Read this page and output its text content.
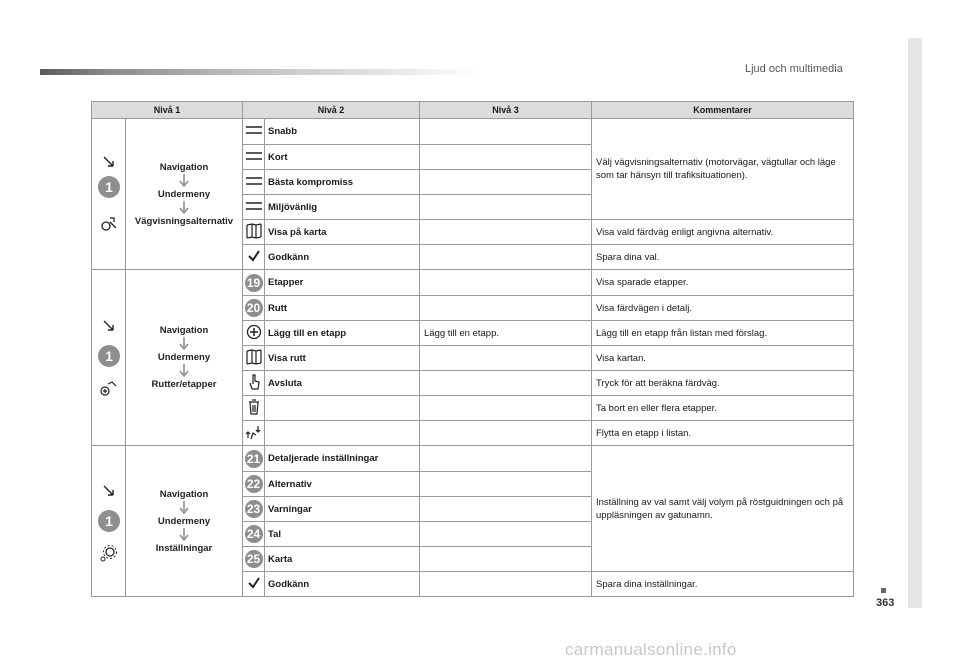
Ljud och multimedia
363
carmanualsonline.info
Nivå 1		Nivå 2		Nivå 3	Kommentarer

1	Navigation
Undermeny
Vägvisningsalternativ		Snabb		Välj vägvisningsalternativ (motorvägar, vägtullar och läge som tar hänsyn till trafiksituationen).
	Kort		
	Bästa kompromiss		
	Miljövänlig		
	Visa på karta		Visa vald färdväg enligt angivna alternativ.
	Godkänn		Spara dina val.

1	Navigation
Undermeny
Rutter/etapper	19	Etapper		Visa sparade etapper.
		20	Rutt		Visa färdvägen i detalj.
	Lägg till en etapp	Lägg till en etapp.	Lägg till en etapp från listan med förslag.
	Visa rutt		Visa kartan.
	Avsluta		Tryck för att beräkna färdväg.
			Ta bort en eller flera etapper.
			Flytta en etapp i listan.

1	Navigation
Undermeny
Inställningar	21	Detaljerade inställningar		Inställning av val samt välj volym på röstguidningen och på uppläsningen av gatunamn.
		22	Alternativ		
		23	Varningar		
		24	Tal		
		25	Karta		
	Godkänn		Spara dina inställningar.
